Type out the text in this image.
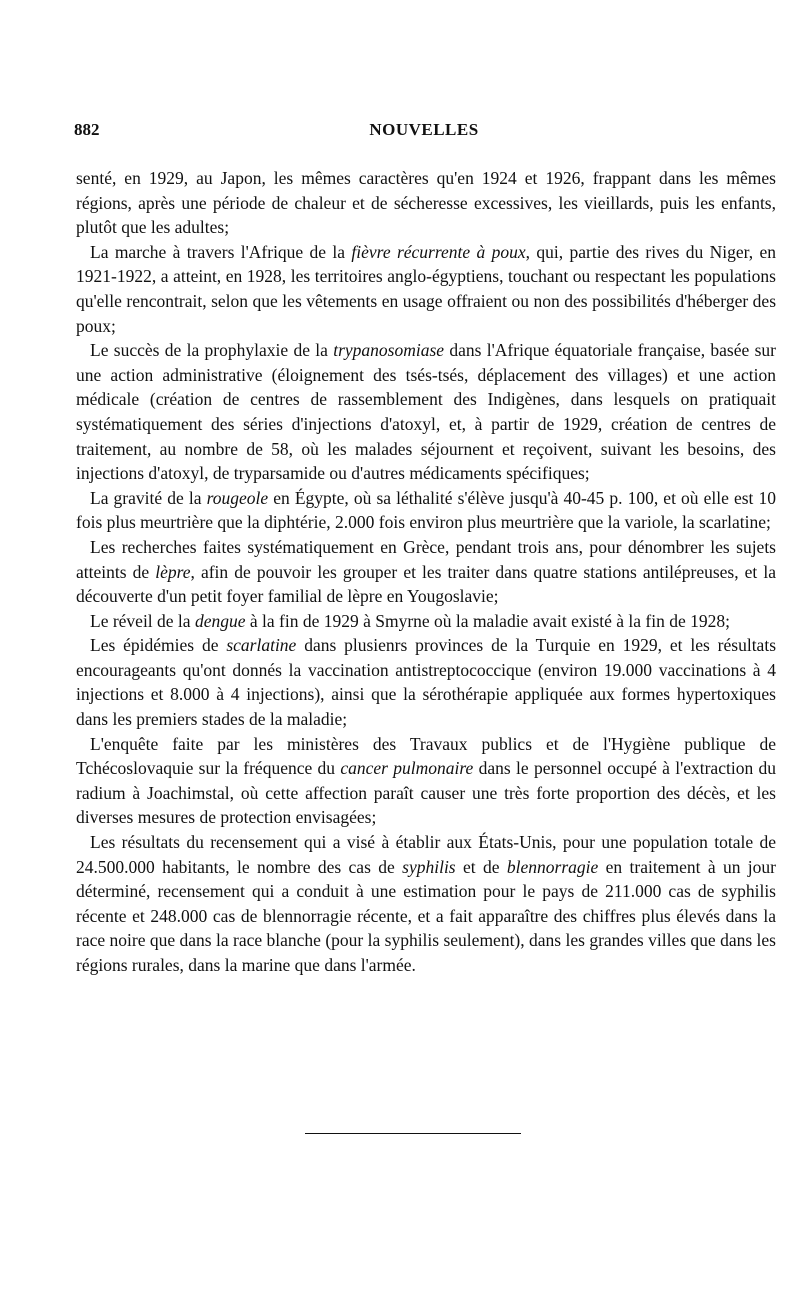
882	NOUVELLES

senté, en 1929, au Japon, les mêmes caractères qu'en 1924 et 1926, frappant dans les mêmes régions, après une période de chaleur et de sécheresse excessives, les vieillards, puis les enfants, plutôt que les adultes;

La marche à travers l'Afrique de la fièvre récurrente à poux, qui, partie des rives du Niger, en 1921-1922, a atteint, en 1928, les territoires anglo-égyptiens, touchant ou respectant les populations qu'elle rencontrait, selon que les vêtements en usage offraient ou non des possibilités d'héberger des poux;

Le succès de la prophylaxie de la trypanosomiase dans l'Afrique équatoriale française, basée sur une action administrative (éloignement des tsés-tsés, déplacement des villages) et une action médicale (création de centres de rassemblement des Indigènes, dans lesquels on pratiquait systématiquement des séries d'injections d'atoxyl, et, à partir de 1929, création de centres de traitement, au nombre de 58, où les malades séjournent et reçoivent, suivant les besoins, des injections d'atoxyl, de tryparsamide ou d'autres médicaments spécifiques;

La gravité de la rougeole en Égypte, où sa léthalité s'élève jusqu'à 40-45 p. 100, et où elle est 10 fois plus meurtrière que la diphtérie, 2.000 fois environ plus meurtrière que la variole, la scarlatine;

Les recherches faites systématiquement en Grèce, pendant trois ans, pour dénombrer les sujets atteints de lèpre, afin de pouvoir les grouper et les traiter dans quatre stations antilépreuses, et la découverte d'un petit foyer familial de lèpre en Yougoslavie;

Le réveil de la dengue à la fin de 1929 à Smyrne où la maladie avait existé à la fin de 1928;

Les épidémies de scarlatine dans plusienrs provinces de la Turquie en 1929, et les résultats encourageants qu'ont donnés la vaccination antistreptococcique (environ 19.000 vaccinations à 4 injections et 8.000 à 4 injections), ainsi que la sérothérapie appliquée aux formes hypertoxiques dans les premiers stades de la maladie;

L'enquête faite par les ministères des Travaux publics et de l'Hygiène publique de Tchécoslovaquie sur la fréquence du cancer pulmonaire dans le personnel occupé à l'extraction du radium à Joachimstal, où cette affection paraît causer une très forte proportion des décès, et les diverses mesures de protection envisagées;

Les résultats du recensement qui a visé à établir aux États-Unis, pour une population totale de 24.500.000 habitants, le nombre des cas de syphilis et de blennorragie en traitement à un jour déterminé, recensement qui a conduit à une estimation pour le pays de 211.000 cas de syphilis récente et 248.000 cas de blennorragie récente, et a fait apparaître des chiffres plus élevés dans la race noire que dans la race blanche (pour la syphilis seulement), dans les grandes villes que dans les régions rurales, dans la marine que dans l'armée.
